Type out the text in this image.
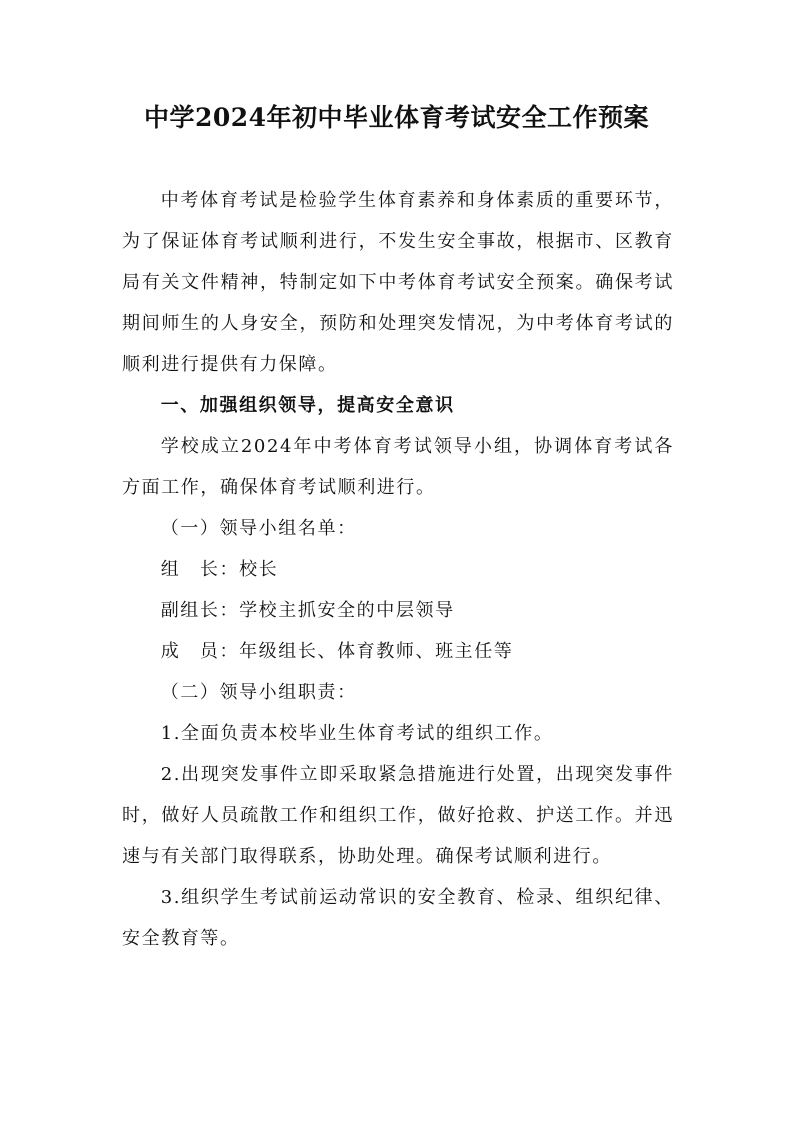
中学2024年初中毕业体育考试安全工作预案

中考体育考试是检验学生体育素养和身体素质的重要环节，为了保证体育考试顺利进行，不发生安全事故，根据市、区教育局有关文件精神，特制定如下中考体育考试安全预案。确保考试期间师生的人身安全，预防和处理突发情况，为中考体育考试的顺利进行提供有力保障。

一、加强组织领导，提高安全意识

学校成立2024年中考体育考试领导小组，协调体育考试各方面工作，确保体育考试顺利进行。

（一）领导小组名单：

组　长：校长

副组长：学校主抓安全的中层领导

成　员：年级组长、体育教师、班主任等

（二）领导小组职责：

1.全面负责本校毕业生体育考试的组织工作。

2.出现突发事件立即采取紧急措施进行处置，出现突发事件时，做好人员疏散工作和组织工作，做好抢救、护送工作。并迅速与有关部门取得联系，协助处理。确保考试顺利进行。

3.组织学生考试前运动常识的安全教育、检录、组织纪律、安全教育等。
